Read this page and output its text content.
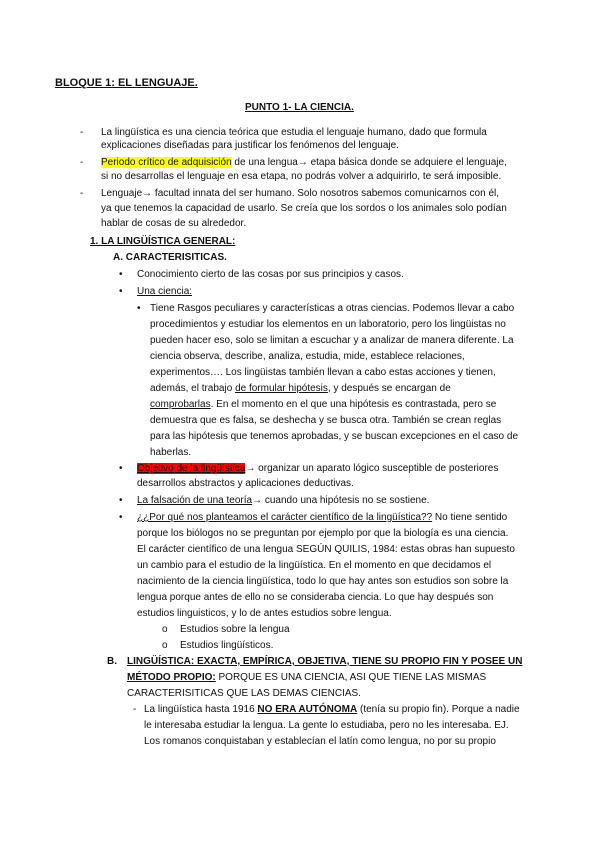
BLOQUE 1: EL LENGUAJE.
PUNTO 1- LA CIENCIA.
- La lingüística es una ciencia teórica que estudia el lenguaje humano, dado que formula
explicaciones diseñadas para justificar los fenómenos del lenguaje.
- Periodo crítico de adquisición de una lengua→ etapa básica donde se adquiere el lenguaje,
si no desarrollas el lenguaje en esa etapa, no podrás volver a adquirirlo, te será imposible.
- Lenguaje→ facultad innata del ser humano. Solo nosotros sabemos comunicarnos con él,
ya que tenemos la capacidad de usarlo. Se creía que los sordos o los animales solo podían
hablar de cosas de su alrededor.
1. LA LINGÜÍSTICA GENERAL:
A. CARACTERISITICAS.
• Conocimiento cierto de las cosas por sus principios y casos.
• Una ciencia:
• Tiene Rasgos peculiares y características a otras ciencias. Podemos llevar a cabo
procedimientos y estudiar los elementos en un laboratorio, pero los lingüistas no
pueden hacer eso, solo se limitan a escuchar y a analizar de manera diferente. La
ciencia observa, describe, analiza, estudia, mide, establece relaciones,
experimentos…. Los lingüistas también llevan a cabo estas acciones y tienen,
además, el trabajo de formular hipótesis, y después se encargan de
comprobarlas. En el momento en el que una hipótesis es contrastada, pero se
demuestra que es falsa, se deshecha y se busca otra. También se crean reglas
para las hipótesis que tenemos aprobadas, y se buscan excepciones en el caso de
haberlas.
• Objetivo de la lingüística→ organizar un aparato lógico susceptible de posteriores
desarrollos abstractos y aplicaciones deductivas.
• La falsación de una teoría→ cuando una hipótesis no se sostiene.
• ¿¿Por qué nos planteamos el carácter científico de la lingüística?? No tiene sentido
porque los biólogos no se preguntan por ejemplo por que la biología es una ciencia.
El carácter científico de una lengua SEGÚN QUILIS, 1984: estas obras han supuesto
un cambio para el estudio de la lingüística. En el momento en que decidamos el
nacimiento de la ciencia lingüística, todo lo que hay antes son estudios son sobre la
lengua porque antes de ello no se consideraba ciencia. Lo que hay después son
estudios linguisticos, y lo de antes estudios sobre lengua.
o Estudios sobre la lengua
o Estudios lingüísticos.
B. LINGÜÍSTICA: EXACTA, EMPÍRICA, OBJETIVA, TIENE SU PROPIO FIN Y POSEE UN
MÉTODO PROPIO: PORQUE ES UNA CIENCIA, ASI QUE TIENE LAS MISMAS
CARACTERISITICAS QUE LAS DEMAS CIENCIAS.
- La lingüística hasta 1916 NO ERA AUTÓNOMA (tenía su propio fin). Porque a nadie
le interesaba estudiar la lengua. La gente lo estudiaba, pero no les interesaba. EJ.
Los romanos conquistaban y establecían el latín como lengua, no por su propio
